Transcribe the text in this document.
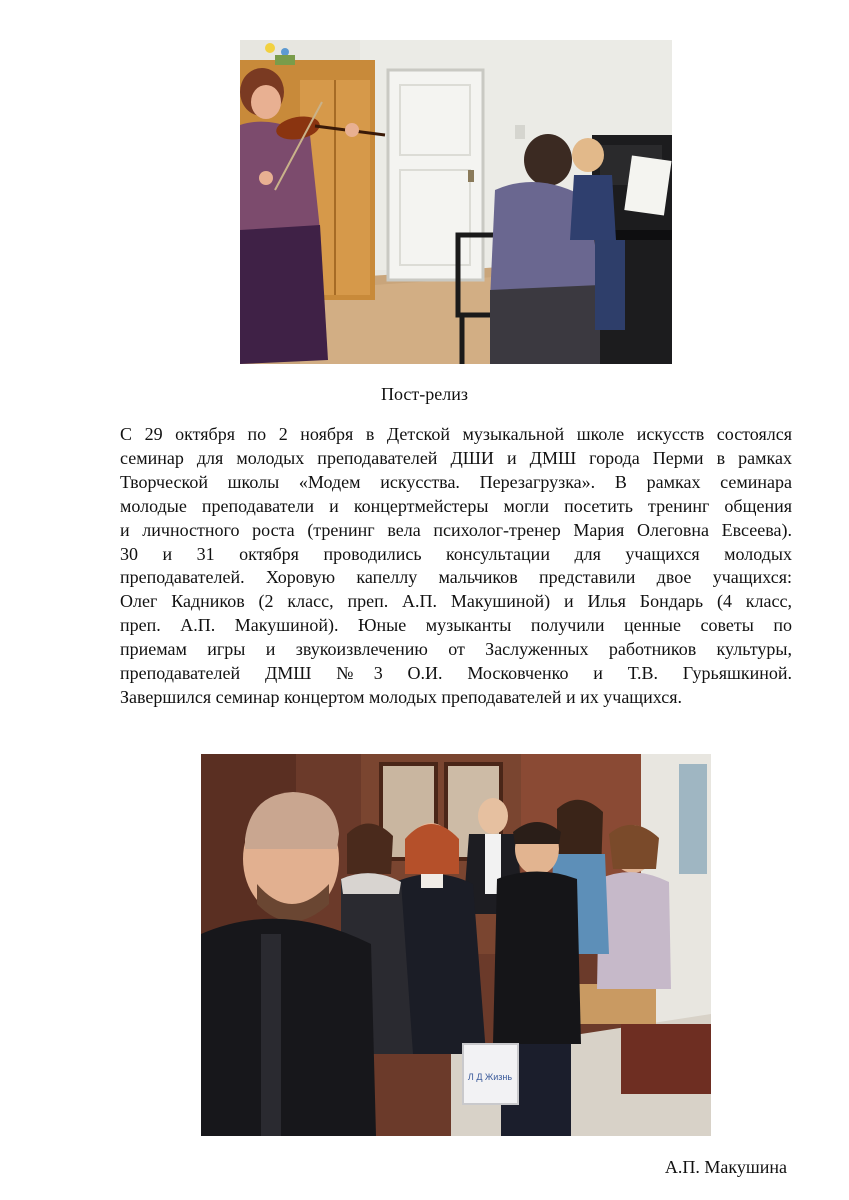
Пост-релиз
С 29 октября по 2 ноября в Детской музыкальной школе искусств состоялся
семинар для молодых преподавателей ДШИ и ДМШ города Перми в рамках
Творческой школы «Модем искусства. Перезагрузка». В рамках семинара
молодые преподаватели и концертмейстеры могли посетить тренинг общения
и личностного роста (тренинг вела психолог-тренер Мария Олеговна Евсеева).
30 и 31 октября проводились консультации для учащихся молодых
преподавателей. Хоровую капеллу мальчиков представили двое учащихся:
Олег Кадников (2 класс, преп. А.П. Макушиной) и Илья Бондарь (4 класс,
преп. А.П. Макушиной). Юные музыканты получили ценные советы по
приемам игры и звукоизвлечению от Заслуженных работников культуры,
преподавателей ДМШ №3 О.И. Московченко и Т.В. Гурьяшкиной.
Завершился семинар концертом молодых преподавателей и их учащихся.
Л Д Жизнь
А.П. Макушина
